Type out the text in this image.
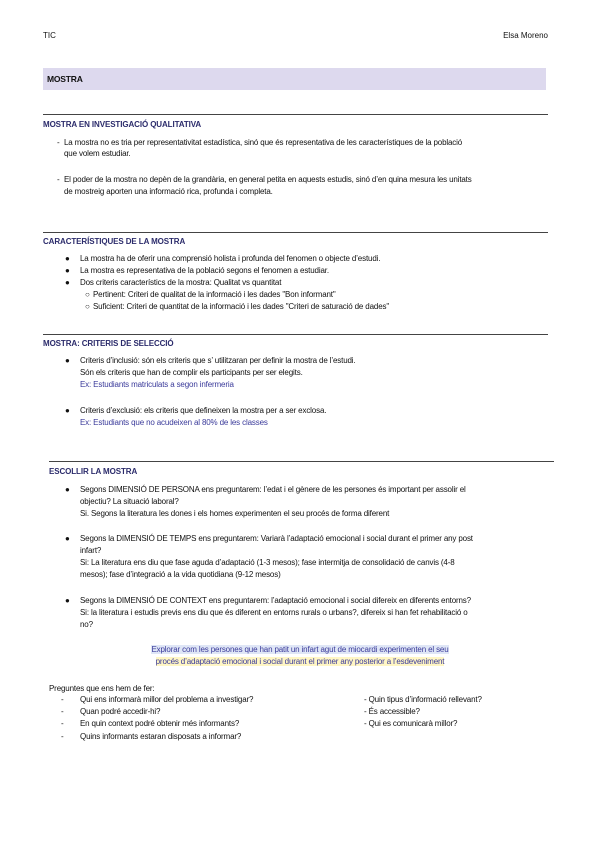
TIC	Elsa Moreno
MOSTRA
MOSTRA EN INVESTIGACIÓ QUALITATIVA
- La mostra no es tria per representativitat estadística, sinó que és representativa de les característiques de la població
que volem estudiar.
- El poder de la mostra no depèn de la grandària, en general petita en aquests estudis, sinó d’en quina mesura les unitats
de mostreig aporten una informació rica, profunda i completa.
CARACTERÍSTIQUES DE LA MOSTRA
● La mostra ha de oferir una comprensió holista i profunda del fenomen o objecte d’estudi.
● La mostra es representativa de la població segons el fenomen a estudiar.
● Dos criteris característics de la mostra: Qualitat vs quantitat
○ Pertinent: Criteri de qualitat de la informació i les dades "Bon informant"
○ Suficient: Criteri de quantitat de la informació i les dades "Criteri de saturació de dades"
MOSTRA: CRITERIS DE SELECCIÓ
● Criteris d’inclusió: són els criteris que s’ utilitzaran per definir la mostra de l’estudi.
Són els criteris que han de complir els participants per ser elegits.
Ex: Estudiants matriculats a segon infermeria
● Criteris d’exclusió: els criteris que defineixen la mostra per a ser exclosa.
Ex: Estudiants que no acudeixen al 80% de les classes
ESCOLLIR LA MOSTRA
● Segons DIMENSIÓ DE PERSONA ens preguntarem: l’edat i el gènere de les persones és important per assolir el
objectiu? La situació laboral?
Si. Segons la literatura les dones i els homes experimenten el seu procés de forma diferent
● Segons la DIMENSIÓ DE TEMPS ens preguntarem: Variarà l’adaptació emocional i social durant el primer any post
infart?
Si: La literatura ens diu que fase aguda d’adaptació (1-3 mesos); fase intermitja de consolidació de canvis (4-8
mesos); fase d’integració a la vida quotidiana (9-12 mesos)
● Segons la DIMENSIÓ DE CONTEXT ens preguntarem: l’adaptació emocional i social difereix en diferents entorns?
Si: la literatura i estudis previs ens diu que és diferent en entorns rurals o urbans?, difereix si han fet rehabilitació o
no?
Explorar com les persones que han patit un infart agut de miocardi experimenten el seu
procés d’adaptació emocional i social durant el primer any posterior a l’esdeveniment
Preguntes que ens hem de fer:
- Qui ens informarà millor del problema a investigar?
- Quan podré accedir-hi?
- En quin context podré obtenir més informants?
- Quins informants estaran disposats a informar?
- Quin tipus d’informació rellevant?
- És accessible?
- Qui es comunicarà millor?
